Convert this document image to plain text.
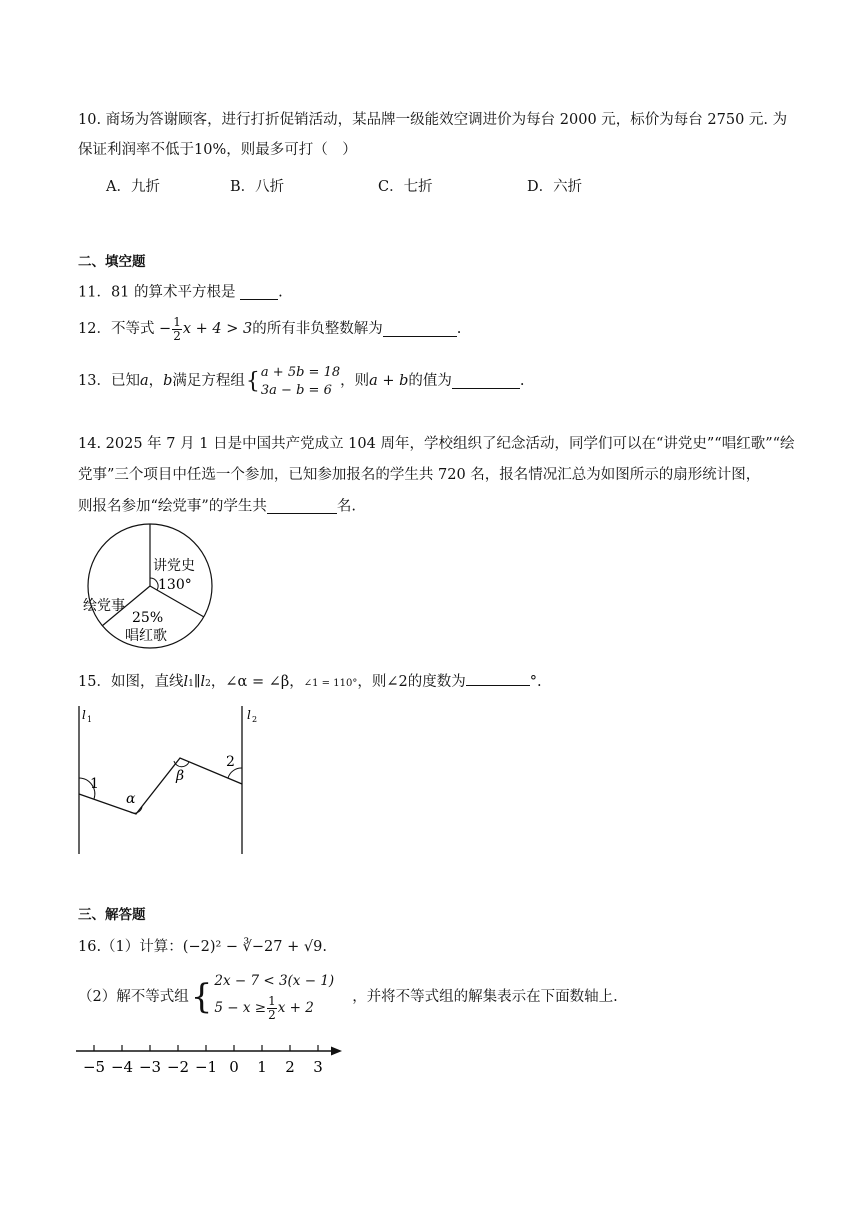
10. 商场为答谢顾客，进行打折促销活动，某品牌一级能效空调进价为每台 2000 元，标价为每台 2750 元. 为
保证利润率不低于10%，则最多可打（　）
A．九折	B．八折	C．七折	D．六折
二、填空题
11．81 的算术平方根是	.
12．不等式 − $\frac{1}{2}$ x + 4 > 3 的所有非负整数解为	.
13．已知 a ， b 满足方程组 { a + 5b = 18
3a − b = 6
，则 a + b 的值为	.
14. 2025 年 7 月 1 日是中国共产党成立 104 周年，学校组织了纪念活动，同学们可以在“讲党史”“唱红歌”“绘
党事”三个项目中任选一个参加，已知参加报名的学生共 720 名，报名情况汇总为如图所示的扇形统计图，
则报名参加“绘党事”的学生共	名.
讲党史
130°
绘党事
25%
唱红歌
15．如图，直线 l 1 ∥ l 2 ，∠α = ∠β， ∠1 = 110° ，则∠2的度数为	°.
l 1	l 2
1
α
β
2
三、解答题
16.（1）计算：(−2)² − ∛−27 + √9.
（2）解不等式组 { 2x − 7 < 3(x − 1)
$5 - x \ge \frac{1}{2}$ x + 2
，并将不等式组的解集表示在下面数轴上.
−5 −4 −3 −2 −1 0 1 2 3
